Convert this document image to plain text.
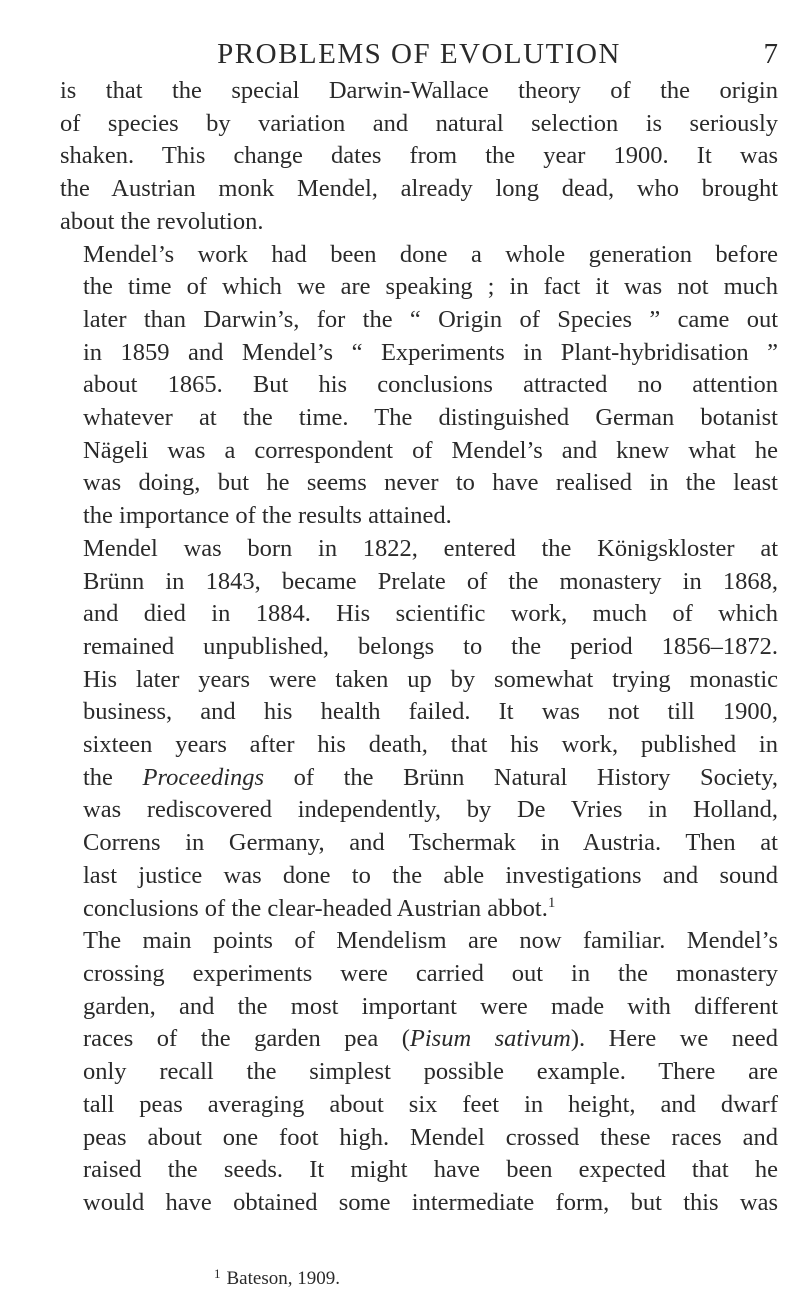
PROBLEMS OF EVOLUTION	7

is that the special Darwin-Wallace theory of the origin
of species by variation and natural selection is seriously
shaken. This change dates from the year 1900. It was
the Austrian monk Mendel, already long dead, who brought
about the revolution.

Mendel’s work had been done a whole generation before
the time of which we are speaking ; in fact it was not much
later than Darwin’s, for the “ Origin of Species ” came out
in 1859 and Mendel’s “ Experiments in Plant-hybridisation ”
about 1865. But his conclusions attracted no attention
whatever at the time. The distinguished German botanist
Nägeli was a correspondent of Mendel’s and knew what he
was doing, but he seems never to have realised in the least
the importance of the results attained.

Mendel was born in 1822, entered the Königskloster at
Brünn in 1843, became Prelate of the monastery in 1868,
and died in 1884. His scientific work, much of which
remained unpublished, belongs to the period 1856–1872.
His later years were taken up by somewhat trying monastic
business, and his health failed. It was not till 1900,
sixteen years after his death, that his work, published in
the Proceedings of the Brünn Natural History Society,
was rediscovered independently, by De Vries in Holland,
Correns in Germany, and Tschermak in Austria. Then at
last justice was done to the able investigations and sound
conclusions of the clear-headed Austrian abbot.$^1$

The main points of Mendelism are now familiar. Mendel’s
crossing experiments were carried out in the monastery
garden, and the most important were made with different
races of the garden pea (Pisum sativum). Here we need
only recall the simplest possible example. There are
tall peas averaging about six feet in height, and dwarf
peas about one foot high. Mendel crossed these races and
raised the seeds. It might have been expected that he
would have obtained some intermediate form, but this was

$^1$ Bateson, 1909.
